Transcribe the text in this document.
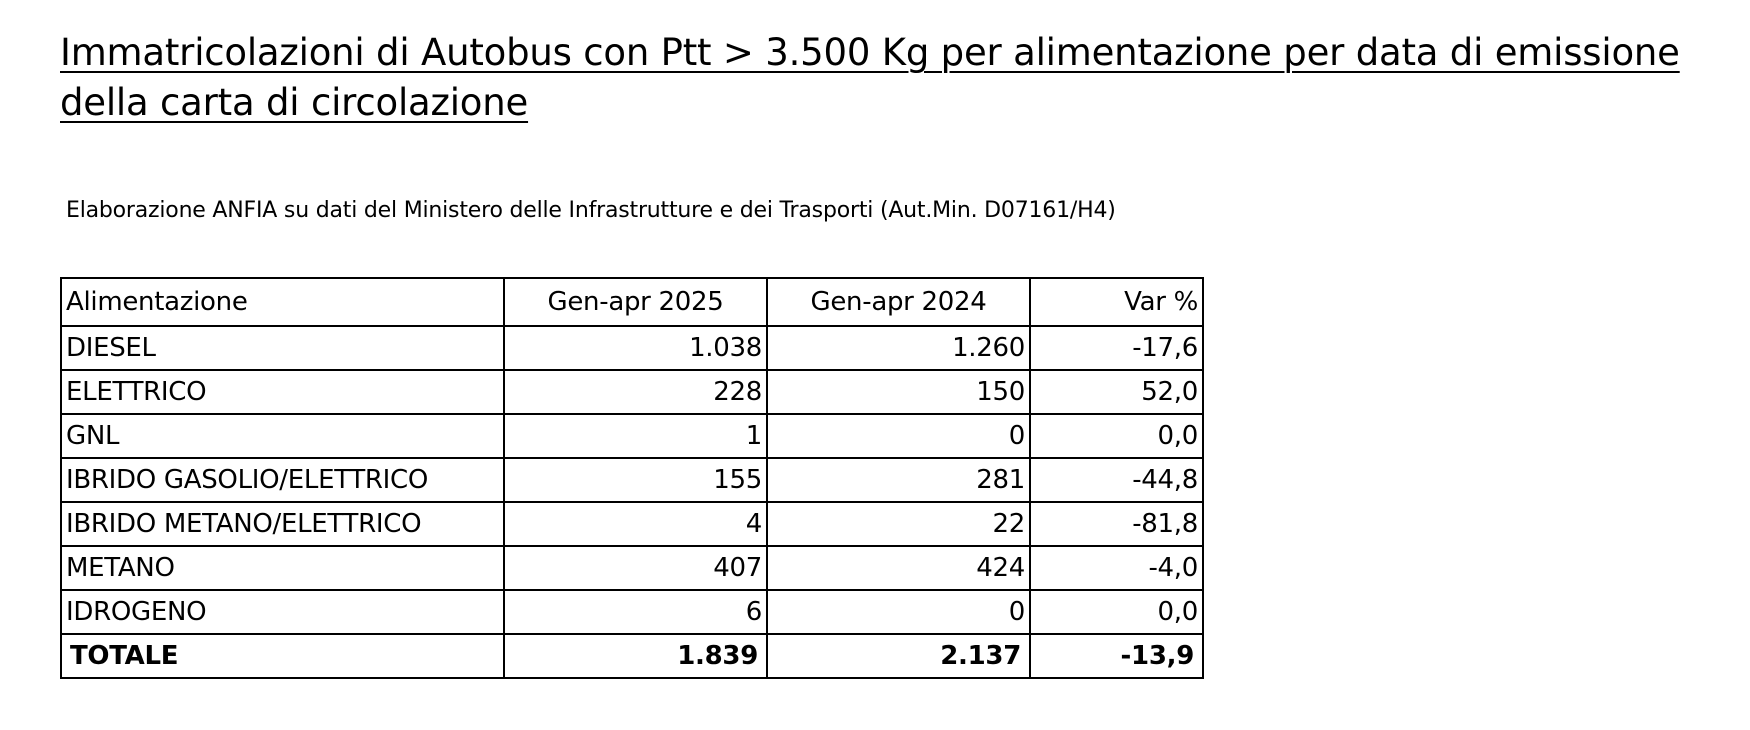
Immatricolazioni di Autobus con Ptt > 3.500 Kg per alimentazione per data di emissione della carta di circolazione

Elaborazione ANFIA su dati del Ministero delle Infrastrutture e dei Trasporti (Aut.Min. D07161/H4)

Alimentazione	Gen-apr 2025	Gen-apr 2024	Var %
DIESEL	1.038	1.260	-17,6
ELETTRICO	228	150	52,0
GNL	1	0	0,0
IBRIDO GASOLIO/ELETTRICO	155	281	-44,8
IBRIDO METANO/ELETTRICO	4	22	-81,8
METANO	407	424	-4,0
IDROGENO	6	0	0,0
TOTALE	1.839	2.137	-13,9
